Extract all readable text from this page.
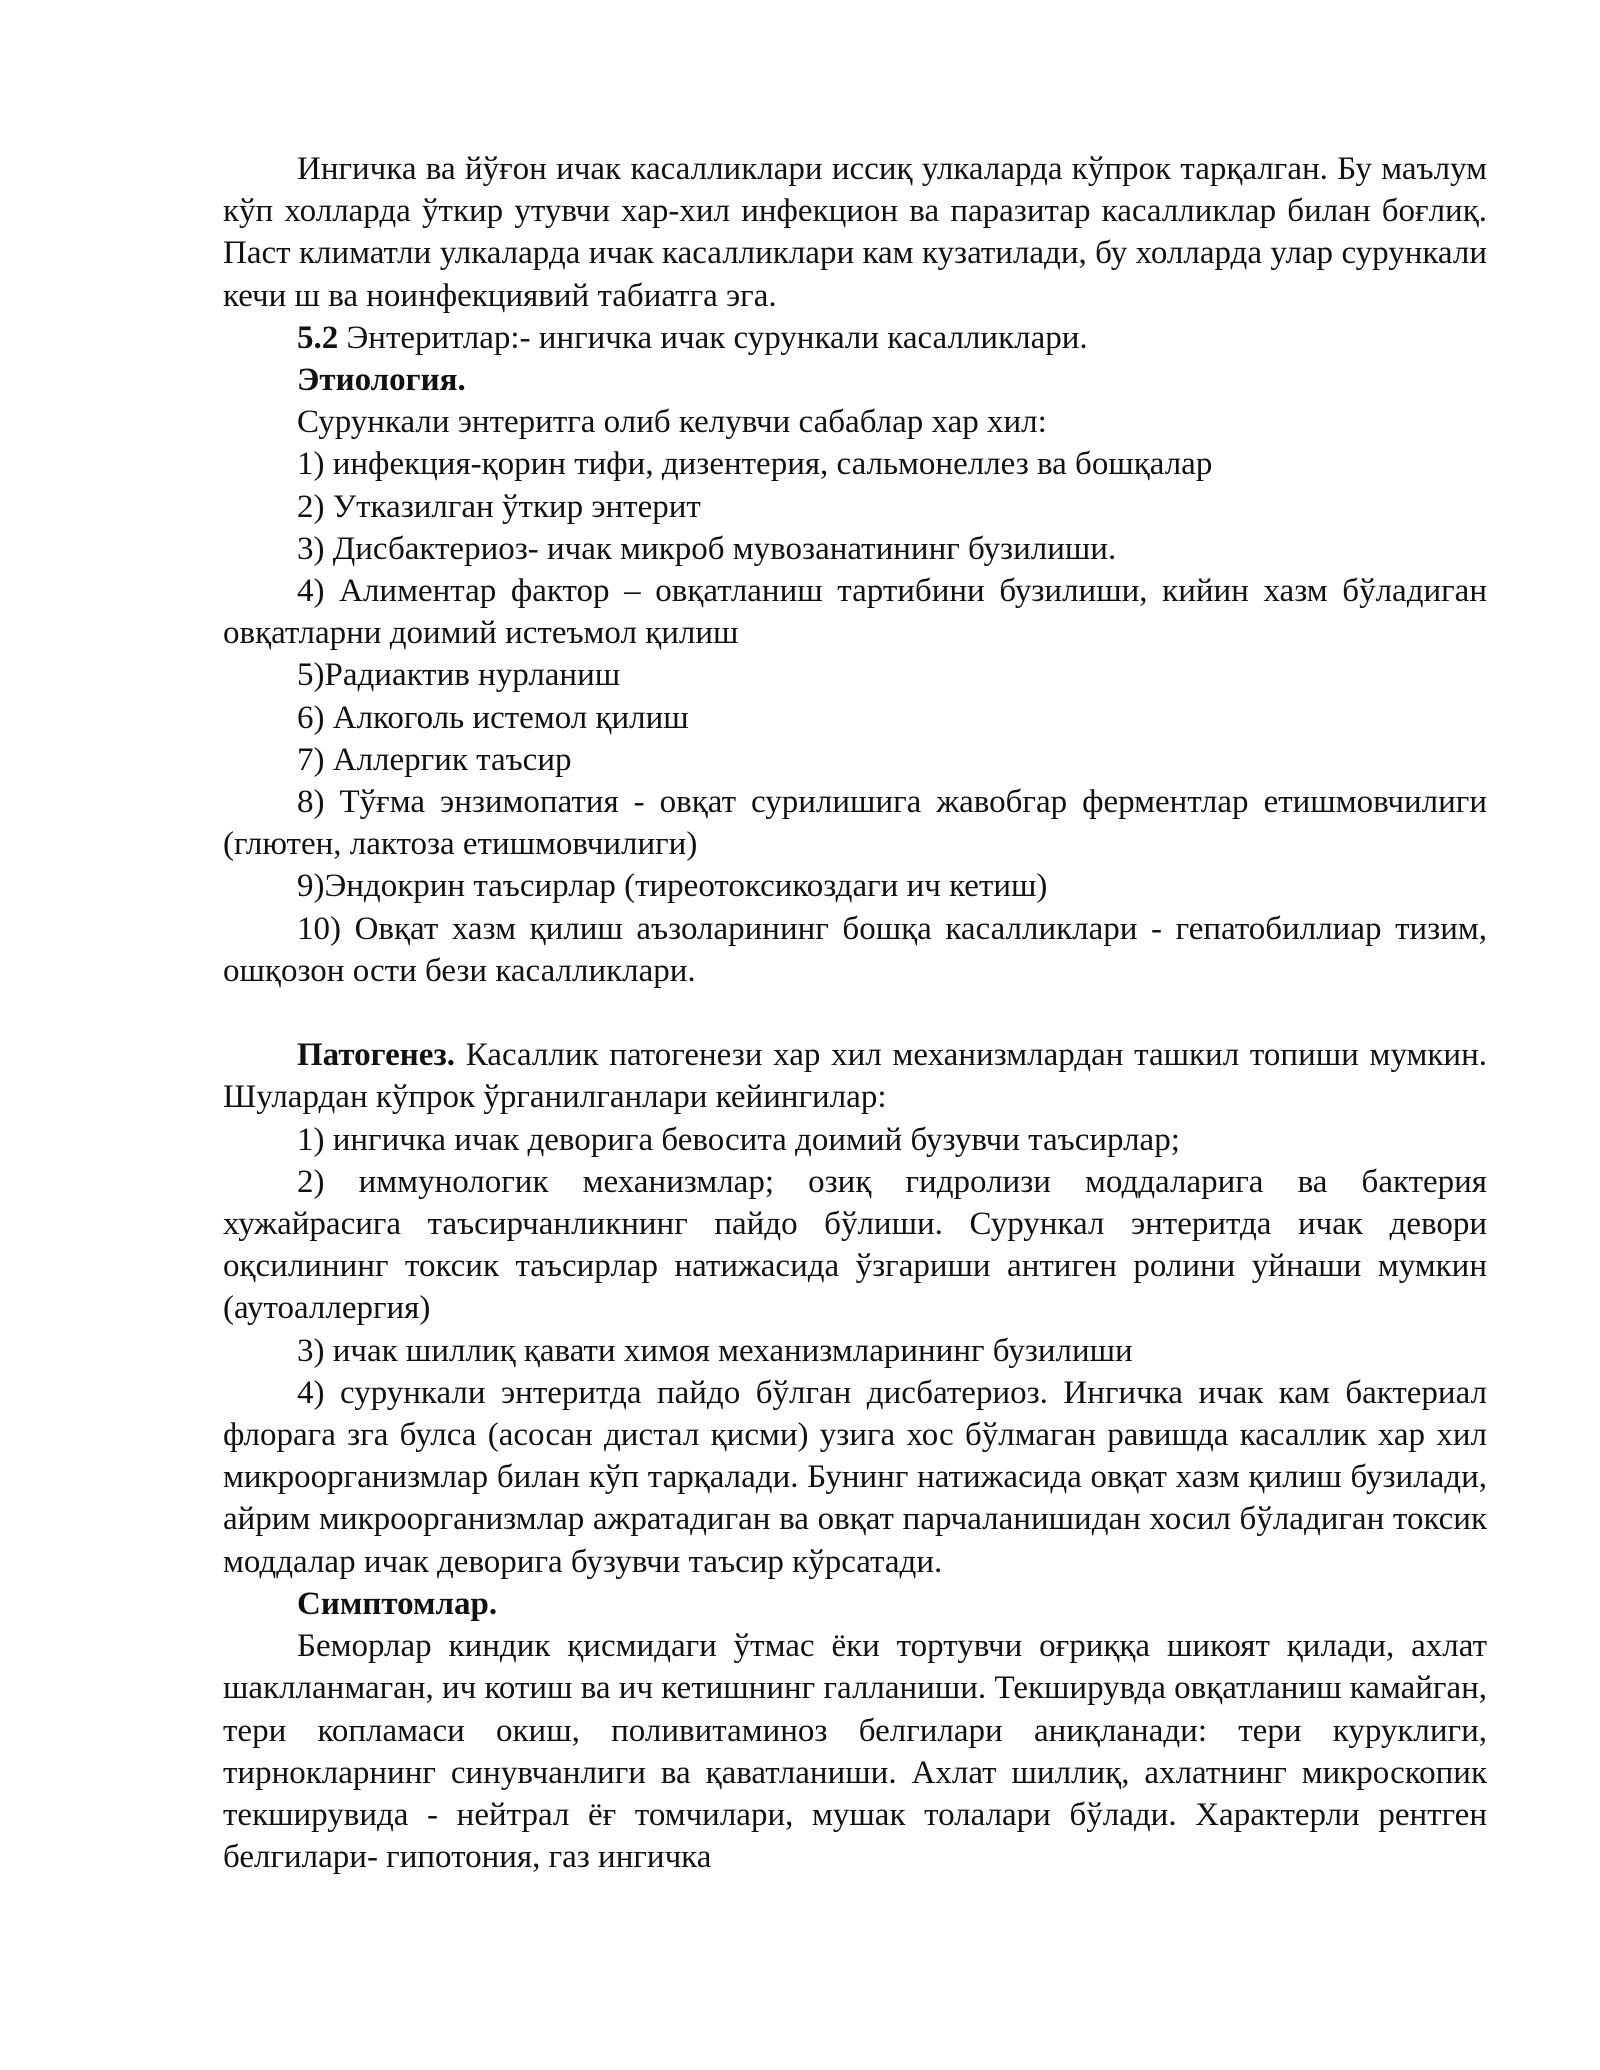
Ингичка ва йўғон ичак касалликлари иссиқ улкаларда кўпрок тарқалган. Бу маълум кўп холларда ўткир утувчи хар-хил инфекцион ва паразитар касалликлар билан боғлиқ. Паст климатли улкаларда ичак касалликлари кам кузатилади, бу холларда улар сурункали кечи ш ва ноинфекциявий табиатга эга.

5.2 Энтеритлар:- ингичка ичак сурункали касалликлари.

Этиология.

Сурункали энтеритга олиб келувчи сабаблар хар хил:

1) инфекция-қорин тифи, дизентерия, сальмонеллез ва бошқалар

2) Утказилган ўткир энтерит

3) Дисбактериоз- ичак микроб мувозанатининг бузилиши.

4) Алиментар фактор – овқатланиш тартибини бузилиши, кийин хазм бўладиган овқатларни доимий истеъмол қилиш

5)Радиактив нурланиш

6) Алкоголь истемол қилиш

7) Аллергик таъсир

8) Тўғма энзимопатия - овқат сурилишига жавобгар ферментлар етишмовчилиги (глютен, лактоза етишмовчилиги)

9)Эндокрин таъсирлар (тиреотоксикоздаги ич кетиш)

10) Овқат хазм қилиш аъзоларининг бошқа касалликлари - гепатобиллиар тизим, ошқозон ости бези касалликлари.

Патогенез. Касаллик патогенези хар хил механизмлардан ташкил топиши мумкин. Шулардан кўпрок ўрганилганлари кейингилар:

1) ингичка ичак деворига бевосита доимий бузувчи таъсирлар;

2) иммунологик механизмлар; озиқ гидролизи моддаларига ва бактерия хужайрасига таъсирчанликнинг пайдо бўлиши. Сурункал энтеритда ичак девори оқсилининг токсик таъсирлар натижасида ўзгариши антиген ролини уйнаши мумкин (аутоаллергия)

3) ичак шиллиқ қавати химоя механизмларининг бузилиши

4) сурункали энтеритда пайдо бўлган дисбатериоз. Ингичка ичак кам бактериал флорага зга булса (асосан дистал қисми) узига хос бўлмаган равишда касаллик хар хил микроорганизмлар билан кўп тарқалади. Бунинг натижасида овқат хазм қилиш бузилади, айрим микроорганизмлар ажратадиган ва овқат парчаланишидан хосил бўладиган токсик моддалар ичак деворига бузувчи таъсир кўрсатади.

Симптомлар.

Беморлар киндик қисмидаги ўтмас ёки тортувчи оғриққа шикоят қилади, ахлат шаклланмаган, ич котиш ва ич кетишнинг галланиши. Текширувда овқатланиш камайган, тери копламаси окиш, поливитаминоз белгилари аниқланади: тери куруклиги, тирнокларнинг синувчанлиги ва қаватланиши. Ахлат шиллиқ, ахлатнинг микроскопик текширувида - нейтрал ёғ томчилари, мушак толалари бўлади. Характерли рентген белгилари- гипотония, газ ингичка
